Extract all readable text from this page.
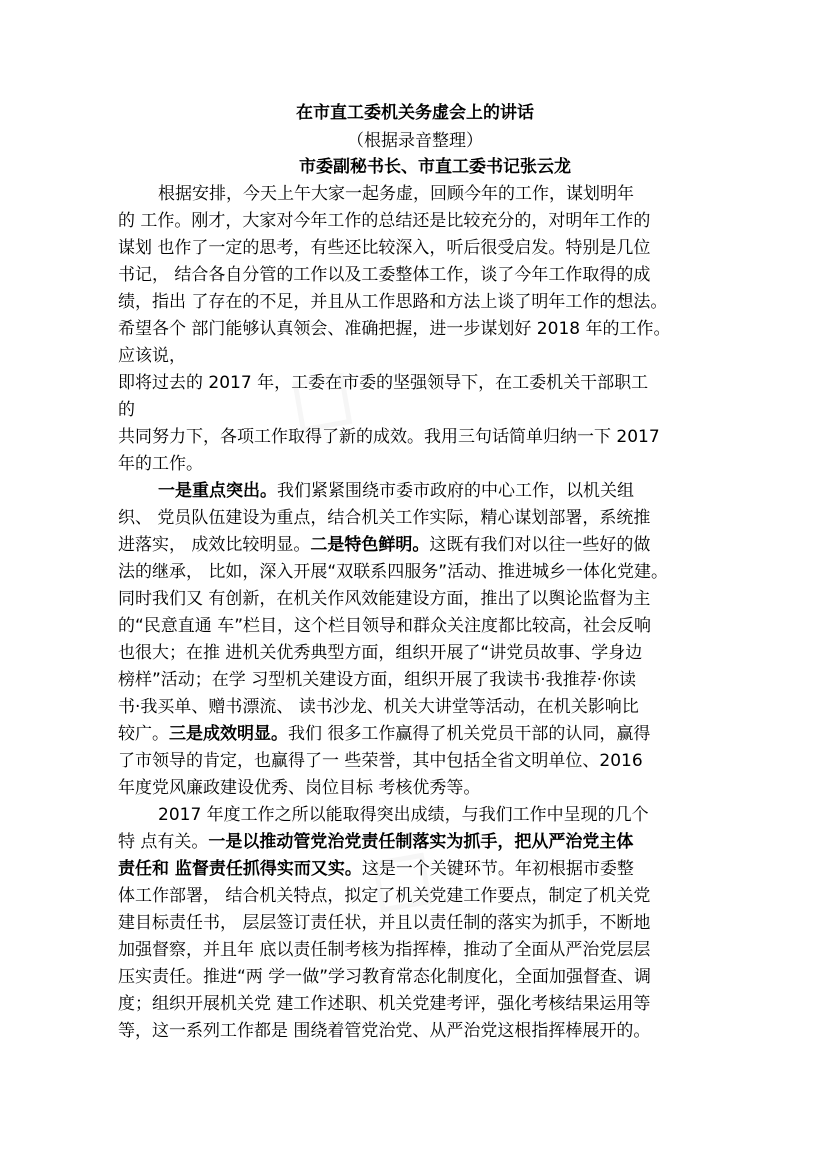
在市直工委机关务虚会上的讲话
（根据录音整理）
市委副秘书长、市直工委书记张云龙
根据安排，今天上午大家一起务虚，回顾今年的工作，谋划明年
的 工作。刚才，大家对今年工作的总结还是比较充分的，对明年工作的
谋划 也作了一定的思考，有些还比较深入，听后很受启发。特别是几位
书记， 结合各自分管的工作以及工委整体工作，谈了今年工作取得的成
绩，指出 了存在的不足，并且从工作思路和方法上谈了明年工作的想法。
希望各个 部门能够认真领会、准确把握，进一步谋划好 2018 年的工作。
应该说，
即将过去的 2017 年，工委在市委的坚强领导下，在工委机关干部职工
的
共同努力下，各项工作取得了新的成效。我用三句话简单归纳一下 2017
年的工作。
一是重点突出。我们紧紧围绕市委市政府的中心工作，以机关组
织、 党员队伍建设为重点，结合机关工作实际，精心谋划部署，系统推
进落实， 成效比较明显。二是特色鲜明。这既有我们对以往一些好的做
法的继承， 比如，深入开展“双联系四服务”活动、推进城乡一体化党建。
同时我们又 有创新，在机关作风效能建设方面，推出了以舆论监督为主
的“民意直通 车”栏目，这个栏目领导和群众关注度都比较高，社会反响
也很大；在推 进机关优秀典型方面，组织开展了“讲党员故事、学身边
榜样”活动；在学 习型机关建设方面，组织开展了我读书·我推荐·你读
书·我买单、赠书漂流、 读书沙龙、机关大讲堂等活动，在机关影响比
较广。三是成效明显。我们 很多工作赢得了机关党员干部的认同，赢得
了市领导的肯定，也赢得了一 些荣誉，其中包括全省文明单位、2016
年度党风廉政建设优秀、岗位目标 考核优秀等。
2017 年度工作之所以能取得突出成绩，与我们工作中呈现的几个
特 点有关。一是以推动管党治党责任制落实为抓手，把从严治党主体
责任和 监督责任抓得实而又实。这是一个关键环节。年初根据市委整
体工作部署， 结合机关特点，拟定了机关党建工作要点，制定了机关党
建目标责任书， 层层签订责任状，并且以责任制的落实为抓手，不断地
加强督察，并且年 底以责任制考核为指挥棒，推动了全面从严治党层层
压实责任。推进“两 学一做”学习教育常态化制度化，全面加强督查、调
度；组织开展机关党 建工作述职、机关党建考评，强化考核结果运用等
等，这一系列工作都是 围绕着管党治党、从严治党这根指挥棒展开的。
